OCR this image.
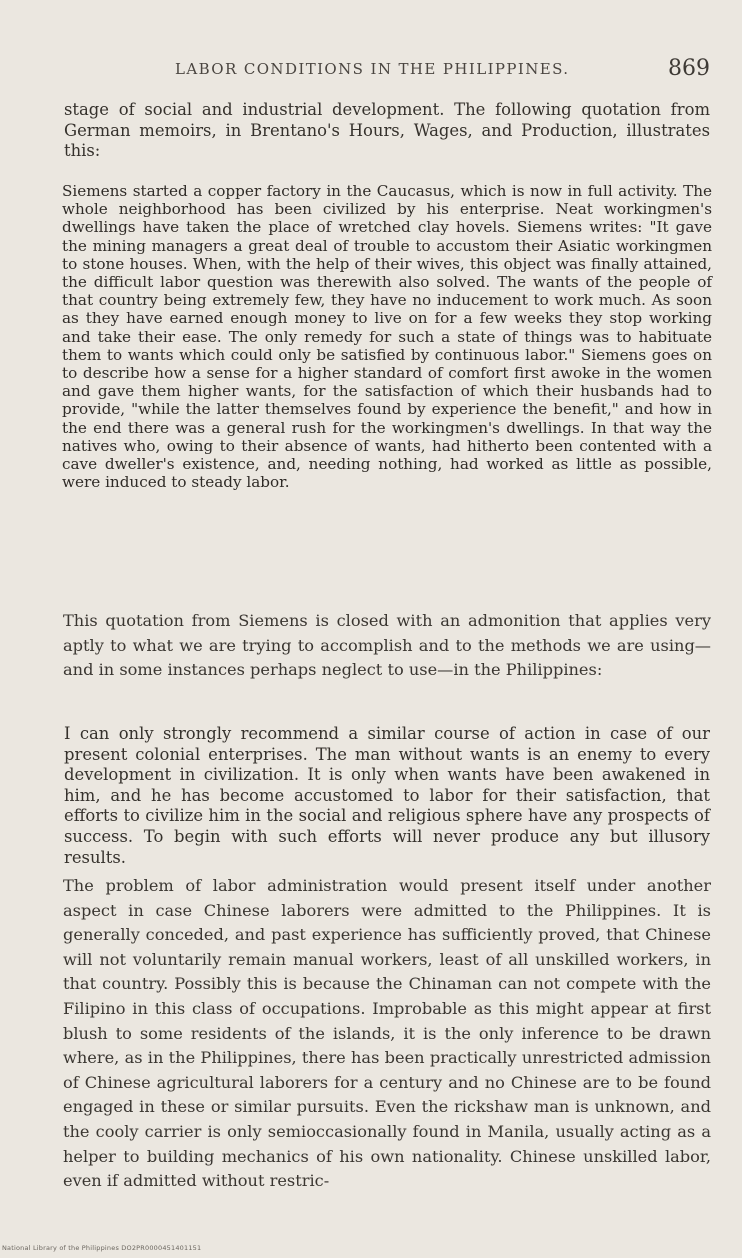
LABOR CONDITIONS IN THE PHILIPPINES.	869

stage of social and industrial development. The following quotation from German memoirs, in Brentano's Hours, Wages, and Production, illustrates this:

Siemens started a copper factory in the Caucasus, which is now in full activity. The whole neighborhood has been civilized by his enterprise. Neat workingmen's dwellings have taken the place of wretched clay hovels. Siemens writes: "It gave the mining managers a great deal of trouble to accustom their Asiatic workingmen to stone houses. When, with the help of their wives, this object was finally attained, the difficult labor question was therewith also solved. The wants of the people of that country being extremely few, they have no inducement to work much. As soon as they have earned enough money to live on for a few weeks they stop working and take their ease. The only remedy for such a state of things was to habituate them to wants which could only be satisfied by continuous labor." Siemens goes on to describe how a sense for a higher standard of comfort first awoke in the women and gave them higher wants, for the satisfaction of which their husbands had to provide, "while the latter themselves found by experience the benefit," and how in the end there was a general rush for the workingmen's dwellings. In that way the natives who, owing to their absence of wants, had hitherto been contented with a cave dweller's existence, and, needing nothing, had worked as little as possible, were induced to steady labor.

This quotation from Siemens is closed with an admonition that applies very aptly to what we are trying to accomplish and to the methods we are using—and in some instances perhaps neglect to use—in the Philippines:

I can only strongly recommend a similar course of action in case of our present colonial enterprises. The man without wants is an enemy to every development in civilization. It is only when wants have been awakened in him, and he has become accustomed to labor for their satisfaction, that efforts to civilize him in the social and religious sphere have any prospects of success. To begin with such efforts will never produce any but illusory results.

The problem of labor administration would present itself under another aspect in case Chinese laborers were admitted to the Philippines. It is generally conceded, and past experience has sufficiently proved, that Chinese will not voluntarily remain manual workers, least of all unskilled workers, in that country. Possibly this is because the Chinaman can not compete with the Filipino in this class of occupations. Improbable as this might appear at first blush to some residents of the islands, it is the only inference to be drawn where, as in the Philippines, there has been practically unrestricted admission of Chinese agricultural laborers for a century and no Chinese are to be found engaged in these or similar pursuits. Even the rickshaw man is unknown, and the cooly carrier is only semioccasionally found in Manila, usually acting as a helper to building mechanics of his own nationality. Chinese unskilled labor, even if admitted without restric-

National Library of the Philippines DO2PR0000451401151
